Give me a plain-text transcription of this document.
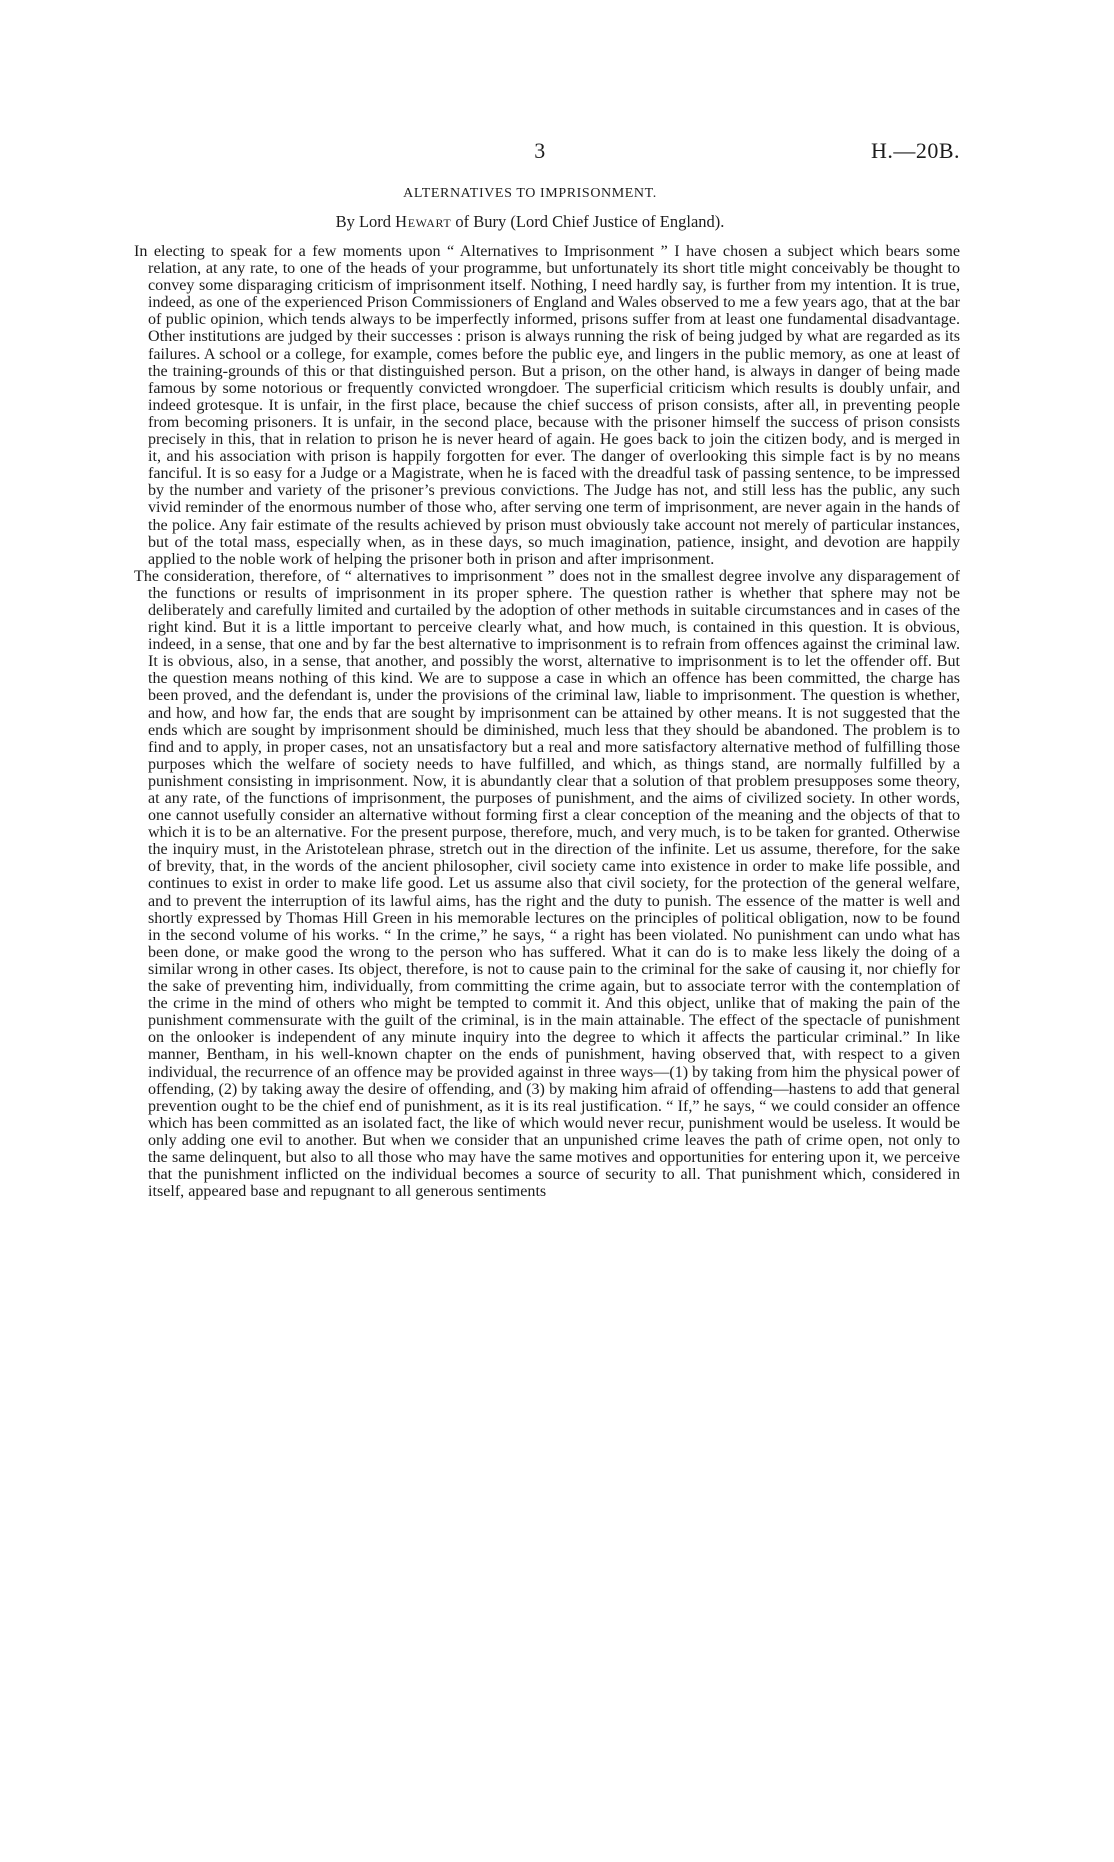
3	H.—20B.
ALTERNATIVES TO IMPRISONMENT.
By Lord Hewart of Bury (Lord Chief Justice of England).

In electing to speak for a few moments upon “ Alternatives to Imprisonment ” I have chosen a subject which bears some relation, at any rate, to one of the heads of your programme, but unfortunately its short title might conceivably be thought to convey some disparaging criticism of imprisonment itself. Nothing, I need hardly say, is further from my intention. It is true, indeed, as one of the experienced Prison Commissioners of England and Wales observed to me a few years ago, that at the bar of public opinion, which tends always to be imperfectly informed, prisons suffer from at least one fundamental disadvantage. Other institutions are judged by their successes : prison is always running the risk of being judged by what are regarded as its failures. A school or a college, for example, comes before the public eye, and lingers in the public memory, as one at least of the training-grounds of this or that distinguished person. But a prison, on the other hand, is always in danger of being made famous by some notorious or frequently convicted wrongdoer. The superficial criticism which results is doubly unfair, and indeed grotesque. It is unfair, in the first place, because the chief success of prison consists, after all, in preventing people from becoming prisoners. It is unfair, in the second place, because with the prisoner himself the success of prison consists precisely in this, that in relation to prison he is never heard of again. He goes back to join the citizen body, and is merged in it, and his association with prison is happily forgotten for ever. The danger of overlooking this simple fact is by no means fanciful. It is so easy for a Judge or a Magistrate, when he is faced with the dreadful task of passing sentence, to be impressed by the number and variety of the prisoner’s previous convictions. The Judge has not, and still less has the public, any such vivid reminder of the enormous number of those who, after serving one term of imprisonment, are never again in the hands of the police. Any fair estimate of the results achieved by prison must obviously take account not merely of particular instances, but of the total mass, especially when, as in these days, so much imagination, patience, insight, and devotion are happily applied to the noble work of helping the prisoner both in prison and after imprisonment.

The consideration, therefore, of “ alternatives to imprisonment ” does not in the smallest degree involve any disparagement of the functions or results of imprisonment in its proper sphere. The question rather is whether that sphere may not be deliberately and carefully limited and curtailed by the adoption of other methods in suitable circumstances and in cases of the right kind. But it is a little important to perceive clearly what, and how much, is contained in this question. It is obvious, indeed, in a sense, that one and by far the best alternative to imprisonment is to refrain from offences against the criminal law. It is obvious, also, in a sense, that another, and possibly the worst, alternative to imprisonment is to let the offender off. But the question means nothing of this kind. We are to suppose a case in which an offence has been committed, the charge has been proved, and the defendant is, under the provisions of the criminal law, liable to imprisonment. The question is whether, and how, and how far, the ends that are sought by imprisonment can be attained by other means. It is not suggested that the ends which are sought by imprisonment should be diminished, much less that they should be abandoned. The problem is to find and to apply, in proper cases, not an unsatisfactory but a real and more satisfactory alternative method of fulfilling those purposes which the welfare of society needs to have fulfilled, and which, as things stand, are normally fulfilled by a punishment consisting in imprisonment. Now, it is abundantly clear that a solution of that problem presupposes some theory, at any rate, of the functions of imprisonment, the purposes of punishment, and the aims of civilized society. In other words, one cannot usefully consider an alternative without forming first a clear conception of the meaning and the objects of that to which it is to be an alternative. For the present purpose, therefore, much, and very much, is to be taken for granted. Otherwise the inquiry must, in the Aristotelean phrase, stretch out in the direction of the infinite. Let us assume, therefore, for the sake of brevity, that, in the words of the ancient philosopher, civil society came into existence in order to make life possible, and continues to exist in order to make life good. Let us assume also that civil society, for the protection of the general welfare, and to prevent the interruption of its lawful aims, has the right and the duty to punish. The essence of the matter is well and shortly expressed by Thomas Hill Green in his memorable lectures on the principles of political obligation, now to be found in the second volume of his works. “ In the crime,” he says, “ a right has been violated. No punishment can undo what has been done, or make good the wrong to the person who has suffered. What it can do is to make less likely the doing of a similar wrong in other cases. Its object, therefore, is not to cause pain to the criminal for the sake of causing it, nor chiefly for the sake of preventing him, individually, from committing the crime again, but to associate terror with the contemplation of the crime in the mind of others who might be tempted to commit it. And this object, unlike that of making the pain of the punishment commensurate with the guilt of the criminal, is in the main attainable. The effect of the spectacle of punishment on the onlooker is independent of any minute inquiry into the degree to which it affects the particular criminal.” In like manner, Bentham, in his well-known chapter on the ends of punishment, having observed that, with respect to a given individual, the recurrence of an offence may be provided against in three ways—(1) by taking from him the physical power of offending, (2) by taking away the desire of offending, and (3) by making him afraid of offending—hastens to add that general prevention ought to be the chief end of punishment, as it is its real justification. “ If,” he says, “ we could consider an offence which has been committed as an isolated fact, the like of which would never recur, punishment would be useless. It would be only adding one evil to another. But when we consider that an unpunished crime leaves the path of crime open, not only to the same delinquent, but also to all those who may have the same motives and opportunities for entering upon it, we perceive that the punishment inflicted on the individual becomes a source of security to all. That punishment which, considered in itself, appeared base and repugnant to all generous sentiments
